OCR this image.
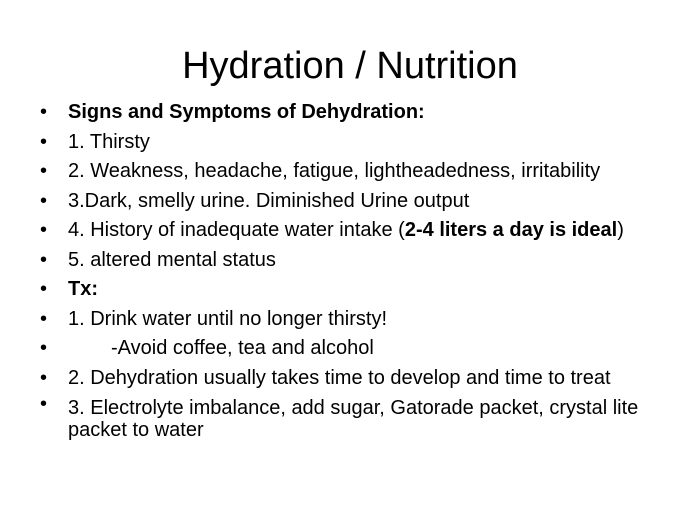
Hydration / Nutrition
• Signs and Symptoms of Dehydration:
• 1. Thirsty
• 2. Weakness, headache, fatigue, lightheadedness, irritability
• 3.Dark, smelly urine. Diminished Urine output
• 4. History of inadequate water intake (2-4 liters a day is ideal)
• 5. altered mental status
• Tx:
• 1. Drink water until no longer thirsty!
•	-Avoid coffee, tea and alcohol
• 2. Dehydration usually takes time to develop and time to treat
• 3. Electrolyte imbalance, add sugar, Gatorade packet, crystal lite packet to water
